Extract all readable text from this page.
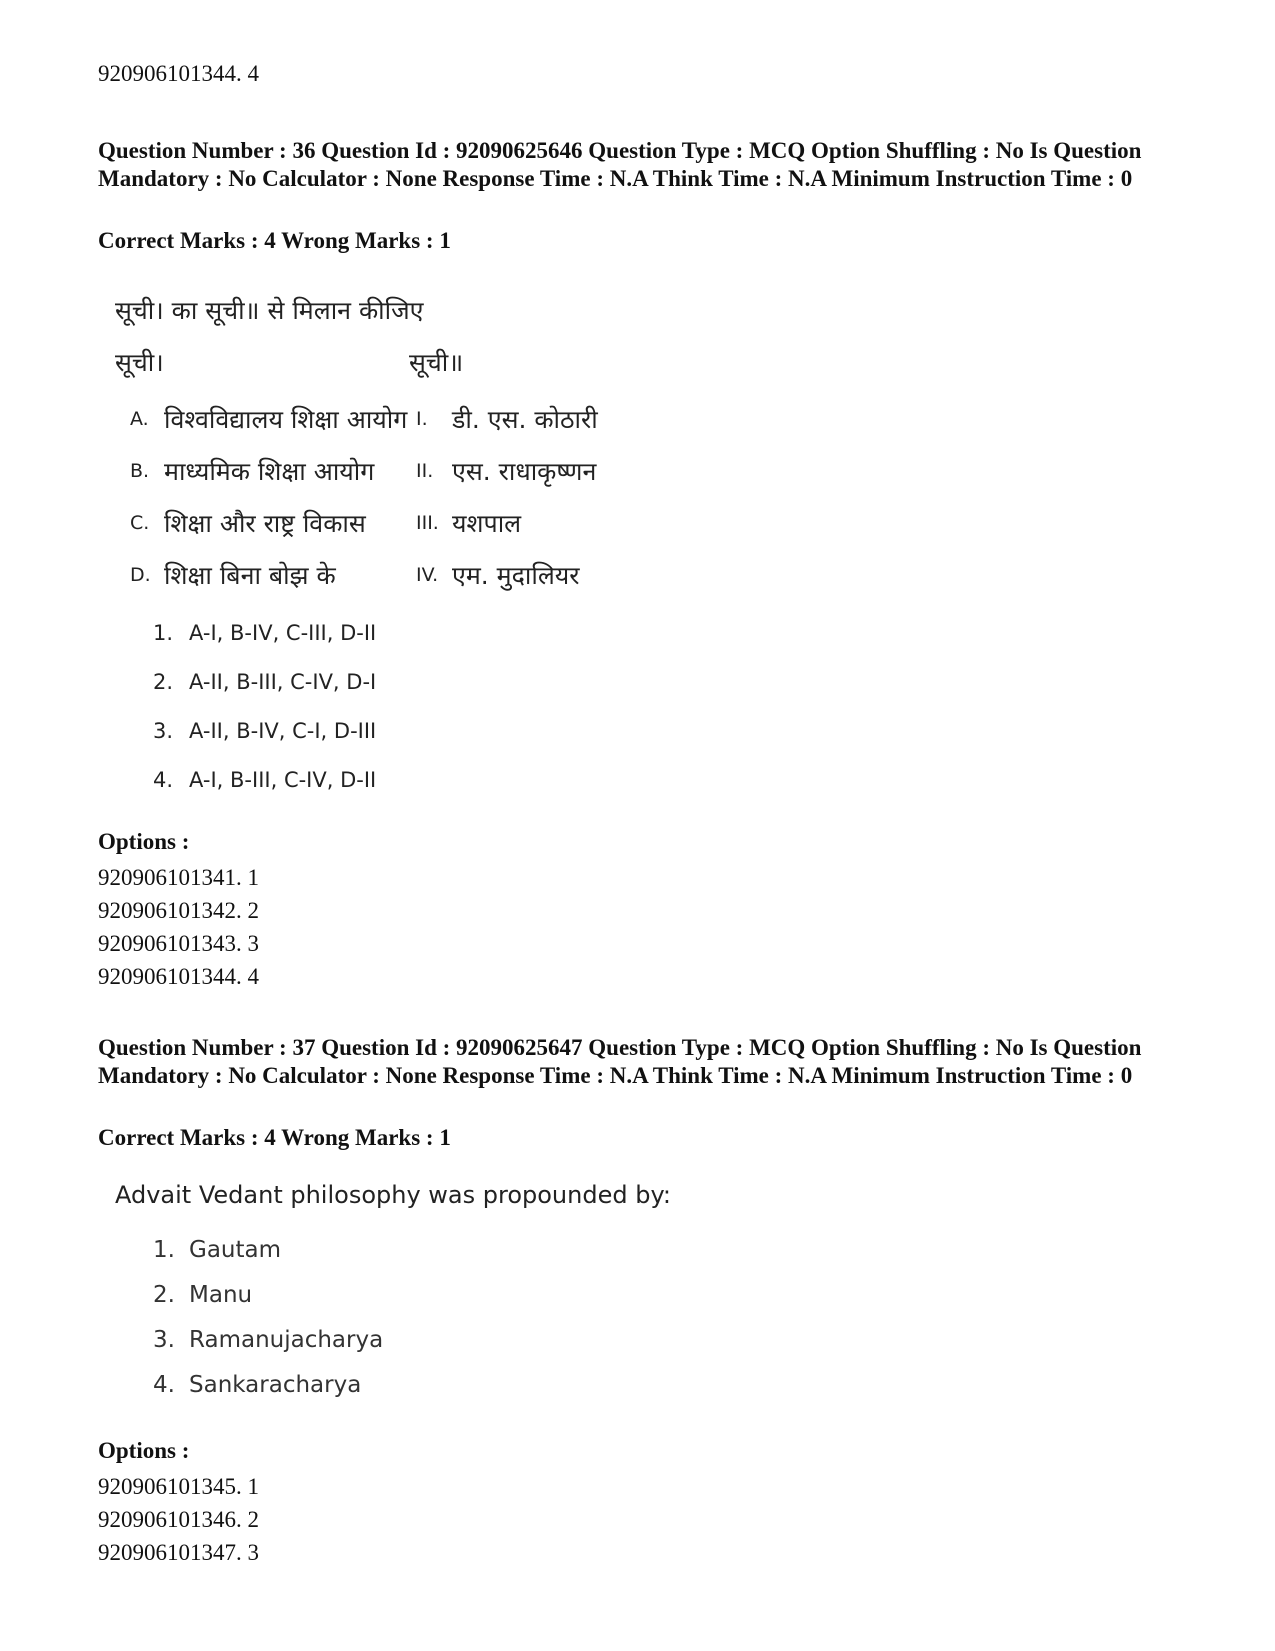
920906101344. 4
Question Number : 36 Question Id : 92090625646 Question Type : MCQ Option Shuffling : No Is Question Mandatory : No Calculator : None Response Time : N.A Think Time : N.A Minimum Instruction Time : 0
Correct Marks : 4 Wrong Marks : 1
सूची। का सूची॥ से मिलान कीजिए
सूची।	सूची॥
A. विश्वविद्यालय शिक्षा आयोग I. डी. एस. कोठारी
B. माध्यमिक शिक्षा आयोग	II. एस. राधाकृष्णन
C. शिक्षा और राष्ट्र विकास	III. यशपाल
D. शिक्षा बिना बोझ के	IV. एम. मुदालियर
1. A-I, B-IV, C-III, D-II
2. A-II, B-III, C-IV, D-I
3. A-II, B-IV, C-I, D-III
4. A-I, B-III, C-IV, D-II
Options :
920906101341. 1
920906101342. 2
920906101343. 3
920906101344. 4
Question Number : 37 Question Id : 92090625647 Question Type : MCQ Option Shuffling : No Is Question Mandatory : No Calculator : None Response Time : N.A Think Time : N.A Minimum Instruction Time : 0
Correct Marks : 4 Wrong Marks : 1
Advait Vedant philosophy was propounded by:
1. Gautam
2. Manu
3. Ramanujacharya
4. Sankaracharya
Options :
920906101345. 1
920906101346. 2
920906101347. 3
